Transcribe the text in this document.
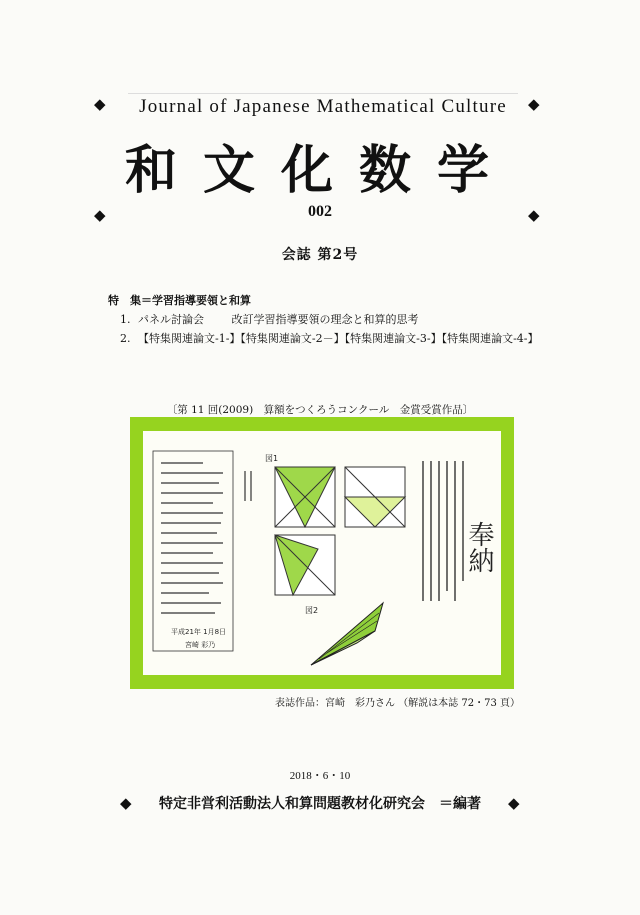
◆	◆
◆	◆
◆	◆
Journal of Japanese Mathematical Culture
和文化数学
002
会誌 第2号
特　集＝学習指導要領と和算
1. パネル討論会	改訂学習指導要領の理念と和算的思考
2. 【特集関連論文-1-】【特集関連論文-2－】【特集関連論文-3-】【特集関連論文-4-】
〔第 11 回(2009)　算額をつくろうコンクール　金賞受賞作品〕
平成21年 1月8日
宮崎 彩乃
図1
図2
奉納
表誌作品：宮崎　彩乃さん （解説は本誌 72・73 頁）
2018・6・10
特定非営利活動法人和算問題教材化研究会　＝編著
